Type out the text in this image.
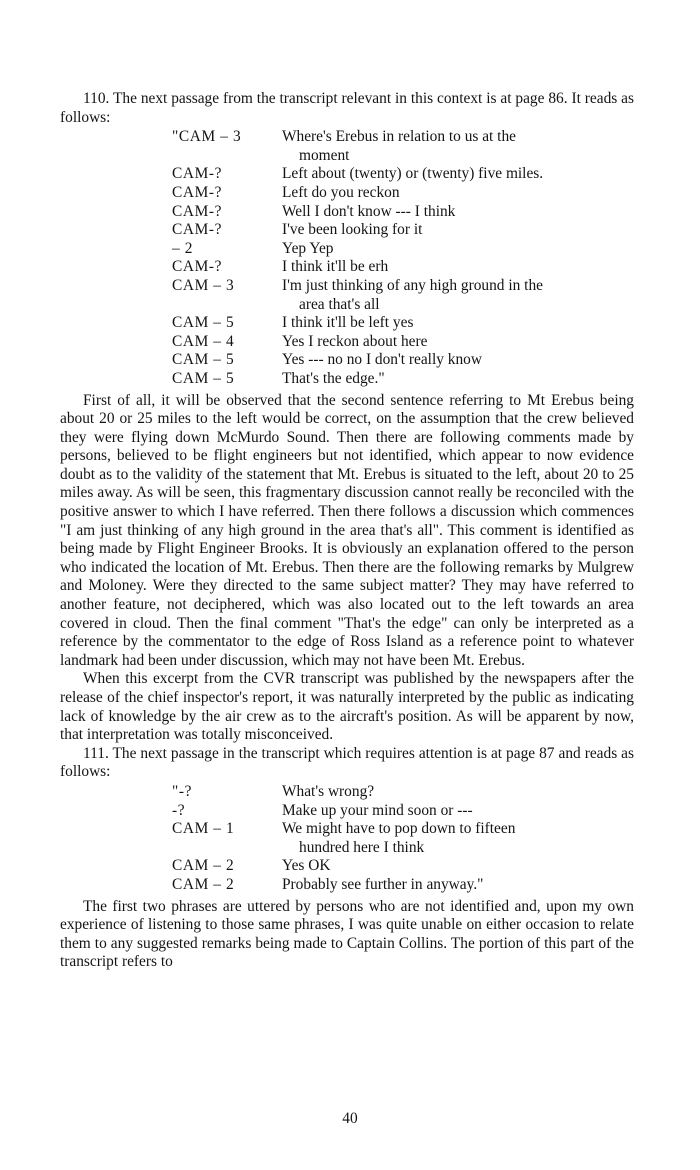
110. The next passage from the transcript relevant in this context is at page 86. It reads as follows:

"CAM – 3	Where's Erebus in relation to us at the
moment
CAM-?	Left about (twenty) or (twenty) five miles.
CAM-?	Left do you reckon
CAM-?	Well I don't know --- I think
CAM-?	I've been looking for it
– 2	Yep Yep
CAM-?	I think it'll be erh
CAM – 3	I'm just thinking of any high ground in the
area that's all
CAM – 5	I think it'll be left yes
CAM – 4	Yes I reckon about here
CAM – 5	Yes --- no no I don't really know
CAM – 5	That's the edge."

First of all, it will be observed that the second sentence referring to Mt Erebus being about 20 or 25 miles to the left would be correct, on the assumption that the crew believed they were flying down McMurdo Sound. Then there are following comments made by persons, believed to be flight engineers but not identified, which appear to now evidence doubt as to the validity of the statement that Mt. Erebus is situated to the left, about 20 to 25 miles away. As will be seen, this fragmentary discussion cannot really be reconciled with the positive answer to which I have referred. Then there follows a discussion which commences "I am just thinking of any high ground in the area that's all". This comment is identified as being made by Flight Engineer Brooks. It is obviously an explanation offered to the person who indicated the location of Mt. Erebus. Then there are the following remarks by Mulgrew and Moloney. Were they directed to the same subject matter? They may have referred to another feature, not deciphered, which was also located out to the left towards an area covered in cloud. Then the final comment "That's the edge" can only be interpreted as a reference by the commentator to the edge of Ross Island as a reference point to whatever landmark had been under discussion, which may not have been Mt. Erebus.

When this excerpt from the CVR transcript was published by the newspapers after the release of the chief inspector's report, it was naturally interpreted by the public as indicating lack of knowledge by the air crew as to the aircraft's position. As will be apparent by now, that interpretation was totally misconceived.

111. The next passage in the transcript which requires attention is at page 87 and reads as follows:

"-?	What's wrong?
-?	Make up your mind soon or ---
CAM – 1	We might have to pop down to fifteen
hundred here I think
CAM – 2	Yes OK
CAM – 2	Probably see further in anyway."

The first two phrases are uttered by persons who are not identified and, upon my own experience of listening to those same phrases, I was quite unable on either occasion to relate them to any suggested remarks being made to Captain Collins. The portion of this part of the transcript refers to

40
